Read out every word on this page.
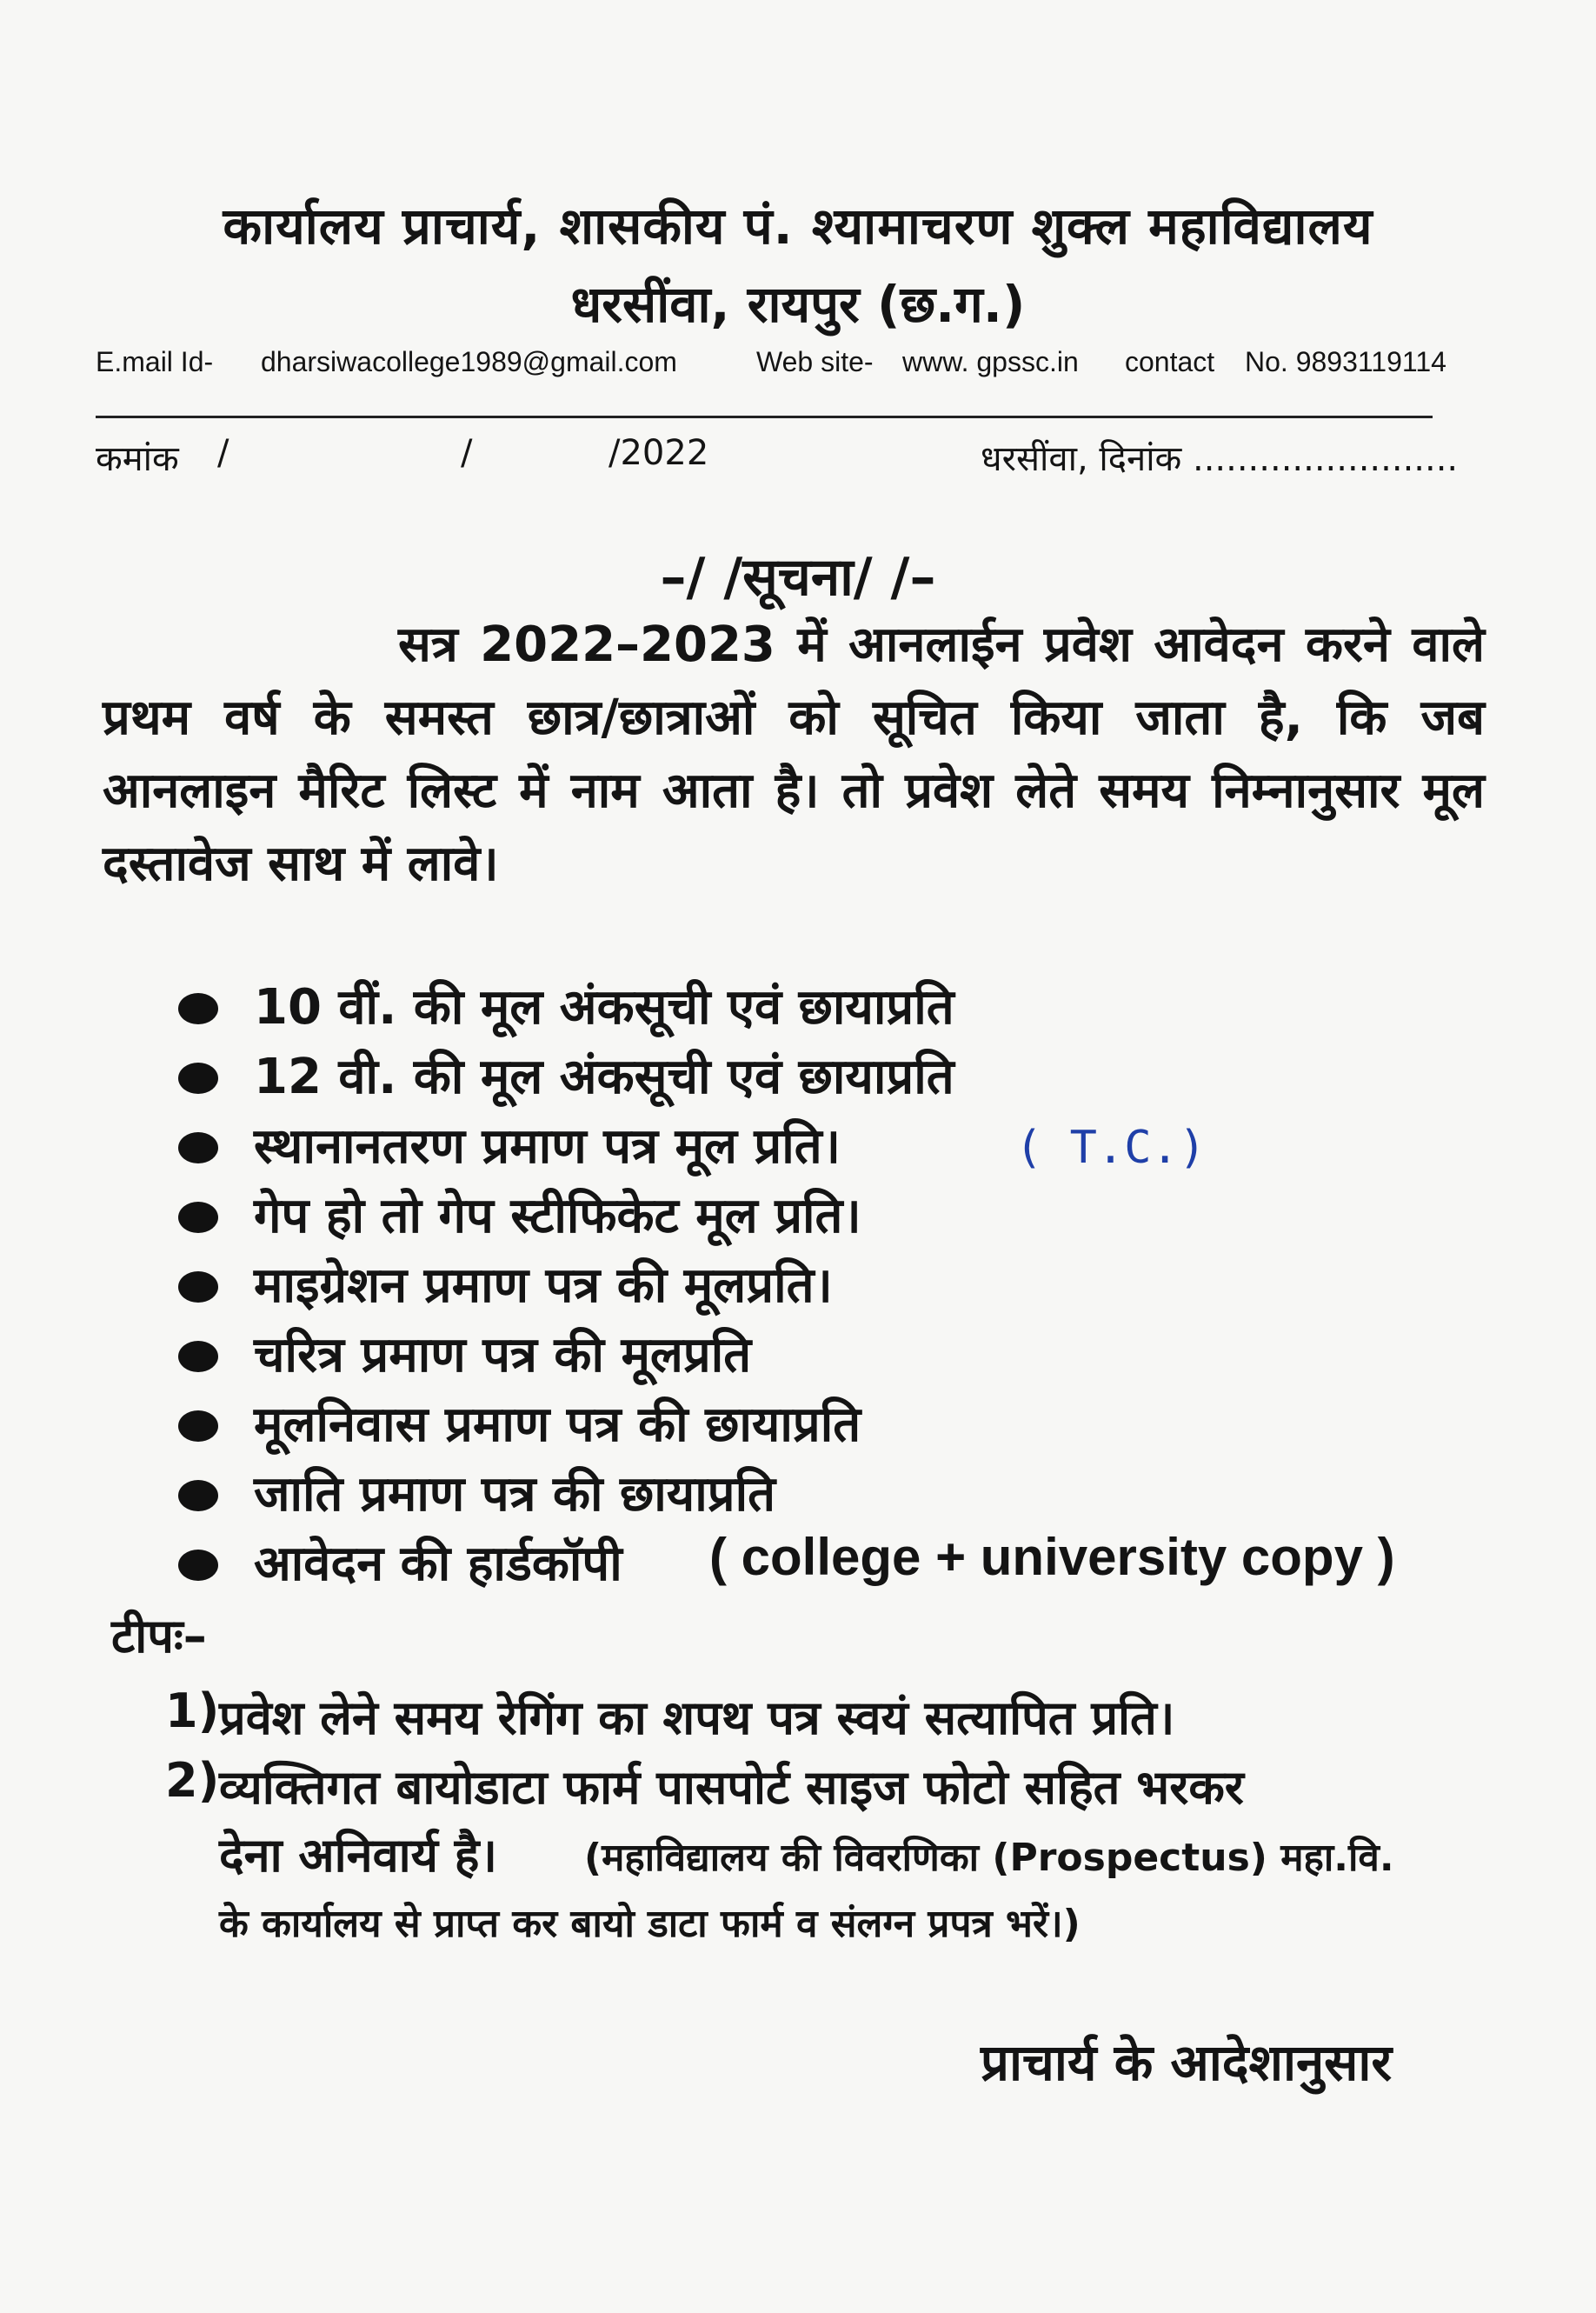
कार्यालय प्राचार्य, शासकीय पं. श्यामाचरण शुक्ल महाविद्यालय
धरसींवा, रायपुर (छ.ग.)
E.mail Id- dharsiwacollege1989@gmail.com	Web site- www. gpssc.in contact No. 9893119114
कमांक /	/	/2022	धरसींवा, दिनांक ........................
–/ /सूचना/ /–
सत्र 2022–2023 में आनलाईन प्रवेश आवेदन करने वाले प्रथम वर्ष के समस्त छात्र/छात्राओं को सूचित किया जाता है, कि जब आनलाइन मैरिट लिस्ट में नाम आता है। तो प्रवेश लेते समय निम्नानुसार मूल दस्तावेज साथ में लावे।
10 वीं. की मूल अंकसूची एवं छायाप्रति
12 वी. की मूल अंकसूची एवं छायाप्रति
स्थानानतरण प्रमाण पत्र मूल प्रति।	( T.C.)
गेप हो तो गेप स्टीफिकेट मूल प्रति।
माइग्रेशन प्रमाण पत्र की मूलप्रति।
चरित्र प्रमाण पत्र की मूलप्रति
मूलनिवास प्रमाण पत्र की छायाप्रति
जाति प्रमाण पत्र की छायाप्रति
आवेदन की हार्डकॉपी ( college + university copy )
टीपः–
1) प्रवेश लेने समय रेगिंग का शपथ पत्र स्वयं सत्यापित प्रति।
2) व्यक्तिगत बायोडाटा फार्म पासपोर्ट साइज फोटो सहित भरकर
देना अनिवार्य है। (महाविद्यालय की विवरणिका (Prospectus) महा.वि.
के कार्यालय से प्राप्त कर बायो डाटा फार्म व संलग्न प्रपत्र भरें।)
प्राचार्य के आदेशानुसार
